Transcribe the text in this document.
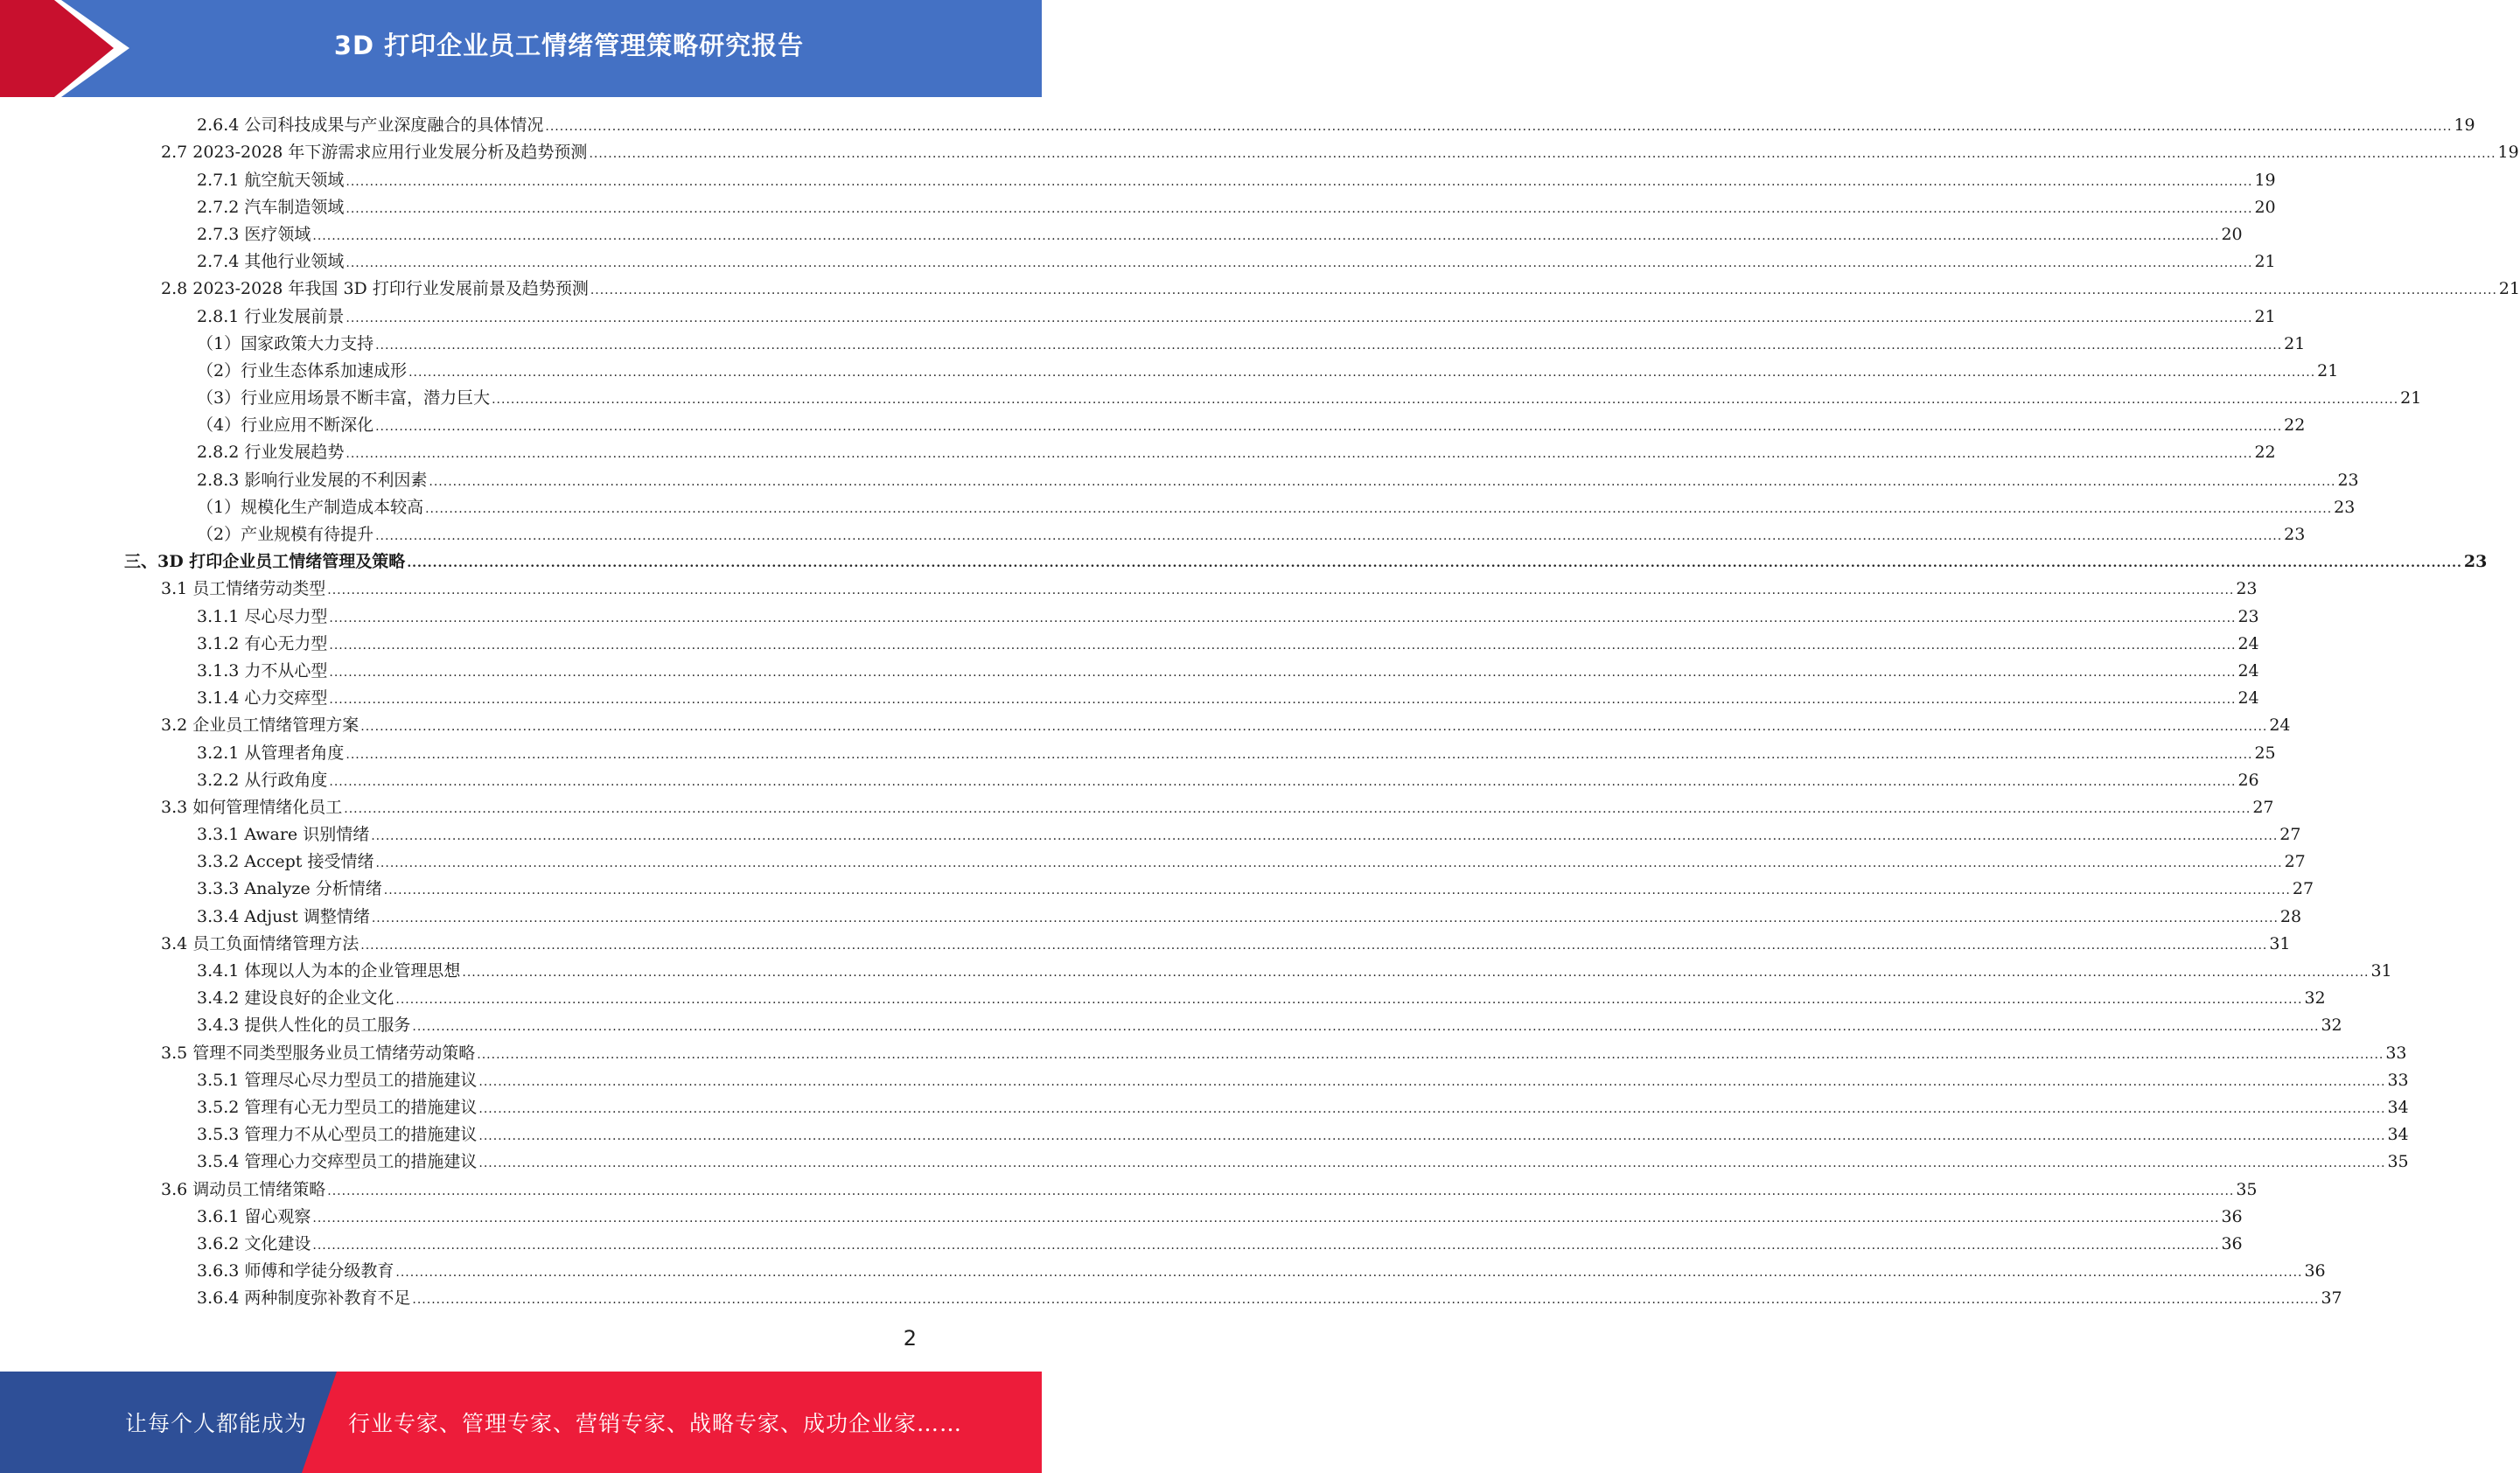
3D 打印企业员工情绪管理策略研究报告
2.6.4 公司科技成果与产业深度融合的具体情况 ................................................................................................................................................................................................................................................................................................................................................................................................................ 19
2.7 2023-2028 年下游需求应用行业发展分析及趋势预测 ................................................................................................................................................................................................................................................................................................................................................................................................................ 19
2.7.1 航空航天领域 ................................................................................................................................................................................................................................................................................................................................................................................................................ 19
2.7.2 汽车制造领域 ................................................................................................................................................................................................................................................................................................................................................................................................................ 20
2.7.3 医疗领域 ................................................................................................................................................................................................................................................................................................................................................................................................................ 20
2.7.4 其他行业领域 ................................................................................................................................................................................................................................................................................................................................................................................................................ 21
2.8 2023-2028 年我国 3D 打印行业发展前景及趋势预测 ................................................................................................................................................................................................................................................................................................................................................................................................................ 21
2.8.1 行业发展前景 ................................................................................................................................................................................................................................................................................................................................................................................................................ 21
（1）国家政策大力支持 ................................................................................................................................................................................................................................................................................................................................................................................................................ 21
（2）行业生态体系加速成形 ................................................................................................................................................................................................................................................................................................................................................................................................................ 21
（3）行业应用场景不断丰富，潜力巨大 ................................................................................................................................................................................................................................................................................................................................................................................................................ 21
（4）行业应用不断深化 ................................................................................................................................................................................................................................................................................................................................................................................................................ 22
2.8.2 行业发展趋势 ................................................................................................................................................................................................................................................................................................................................................................................................................ 22
2.8.3 影响行业发展的不利因素 ................................................................................................................................................................................................................................................................................................................................................................................................................ 23
（1）规模化生产制造成本较高 ................................................................................................................................................................................................................................................................................................................................................................................................................ 23
（2）产业规模有待提升 ................................................................................................................................................................................................................................................................................................................................................................................................................ 23
三、3D 打印企业员工情绪管理及策略 ................................................................................................................................................................................................................................................................................................................................................................................................................ 23
3.1 员工情绪劳动类型 ................................................................................................................................................................................................................................................................................................................................................................................................................ 23
3.1.1 尽心尽力型 ................................................................................................................................................................................................................................................................................................................................................................................................................ 23
3.1.2 有心无力型 ................................................................................................................................................................................................................................................................................................................................................................................................................ 24
3.1.3 力不从心型 ................................................................................................................................................................................................................................................................................................................................................................................................................ 24
3.1.4 心力交瘁型 ................................................................................................................................................................................................................................................................................................................................................................................................................ 24
3.2 企业员工情绪管理方案 ................................................................................................................................................................................................................................................................................................................................................................................................................ 24
3.2.1 从管理者角度 ................................................................................................................................................................................................................................................................................................................................................................................................................ 25
3.2.2 从行政角度 ................................................................................................................................................................................................................................................................................................................................................................................................................ 26
3.3 如何管理情绪化员工 ................................................................................................................................................................................................................................................................................................................................................................................................................ 27
3.3.1 Aware 识别情绪 ................................................................................................................................................................................................................................................................................................................................................................................................................ 27
3.3.2 Accept 接受情绪 ................................................................................................................................................................................................................................................................................................................................................................................................................ 27
3.3.3 Analyze 分析情绪 ................................................................................................................................................................................................................................................................................................................................................................................................................ 27
3.3.4 Adjust 调整情绪 ................................................................................................................................................................................................................................................................................................................................................................................................................ 28
3.4 员工负面情绪管理方法 ................................................................................................................................................................................................................................................................................................................................................................................................................ 31
3.4.1 体现以人为本的企业管理思想 ................................................................................................................................................................................................................................................................................................................................................................................................................ 31
3.4.2 建设良好的企业文化 ................................................................................................................................................................................................................................................................................................................................................................................................................ 32
3.4.3 提供人性化的员工服务 ................................................................................................................................................................................................................................................................................................................................................................................................................ 32
3.5 管理不同类型服务业员工情绪劳动策略 ................................................................................................................................................................................................................................................................................................................................................................................................................ 33
3.5.1 管理尽心尽力型员工的措施建议 ................................................................................................................................................................................................................................................................................................................................................................................................................ 33
3.5.2 管理有心无力型员工的措施建议 ................................................................................................................................................................................................................................................................................................................................................................................................................ 34
3.5.3 管理力不从心型员工的措施建议 ................................................................................................................................................................................................................................................................................................................................................................................................................ 34
3.5.4 管理心力交瘁型员工的措施建议 ................................................................................................................................................................................................................................................................................................................................................................................................................ 35
3.6 调动员工情绪策略 ................................................................................................................................................................................................................................................................................................................................................................................................................ 35
3.6.1 留心观察 ................................................................................................................................................................................................................................................................................................................................................................................................................ 36
3.6.2 文化建设 ................................................................................................................................................................................................................................................................................................................................................................................................................ 36
3.6.3 师傅和学徒分级教育 ................................................................................................................................................................................................................................................................................................................................................................................................................ 36
3.6.4 两种制度弥补教育不足 ................................................................................................................................................................................................................................................................................................................................................................................................................ 37
2
让每个人都能成为 行业专家、管理专家、营销专家、战略专家、成功企业家……
